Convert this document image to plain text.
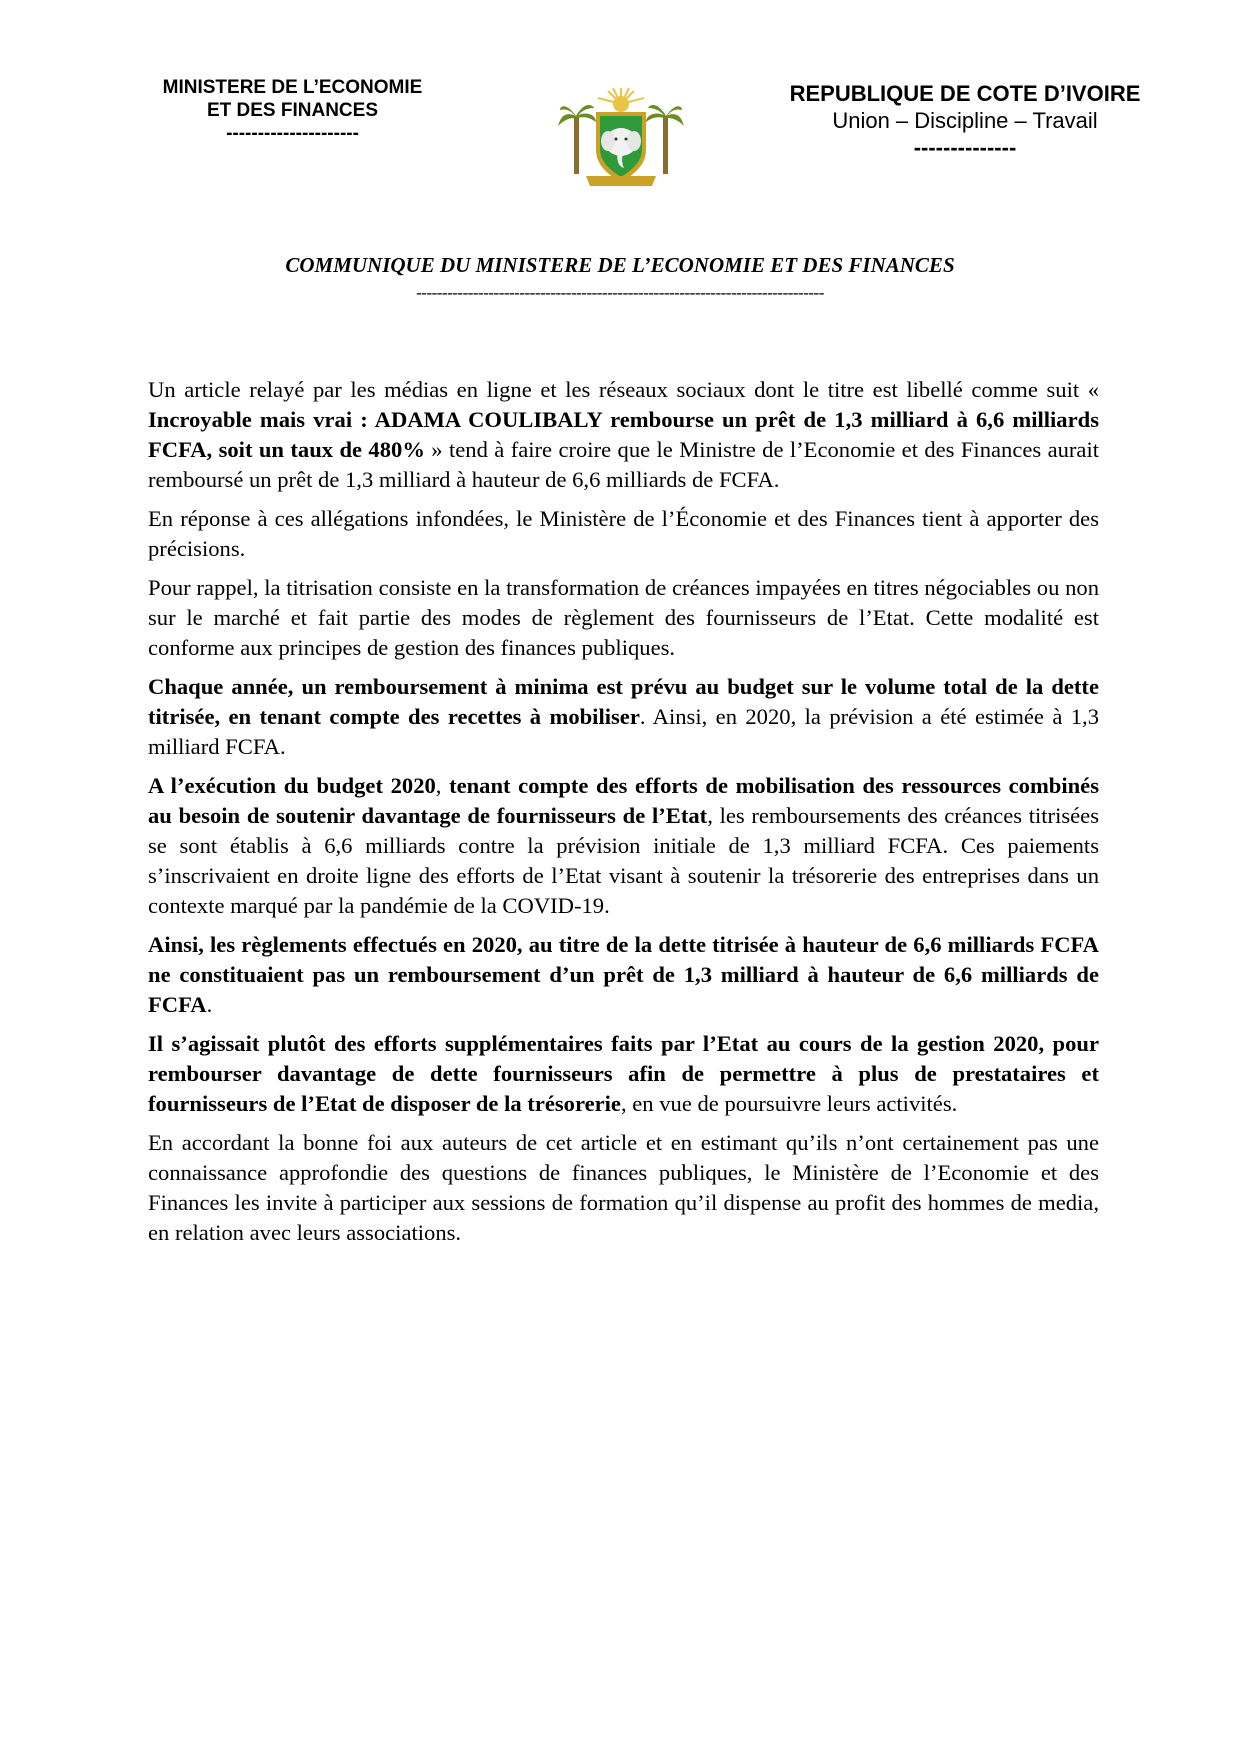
MINISTERE DE L’ECONOMIE
ET DES FINANCES
---------------------
REPUBLIQUE DE COTE D’IVOIRE
Union – Discipline – Travail
--------------
COMMUNIQUE DU MINISTERE DE L’ECONOMIE ET DES FINANCES
-------------------------------------------------------------------------------

Un article relayé par les médias en ligne et les réseaux sociaux dont le titre est libellé comme suit « Incroyable mais vrai : ADAMA COULIBALY rembourse un prêt de 1,3 milliard à 6,6 milliards FCFA, soit un taux de 480% » tend à faire croire que le Ministre de l’Economie et des Finances aurait remboursé un prêt de 1,3 milliard à hauteur de 6,6 milliards de FCFA.

En réponse à ces allégations infondées, le Ministère de l’Économie et des Finances tient à apporter des précisions.

Pour rappel, la titrisation consiste en la transformation de créances impayées en titres négociables ou non sur le marché et fait partie des modes de règlement des fournisseurs de l’Etat. Cette modalité est conforme aux principes de gestion des finances publiques.

Chaque année, un remboursement à minima est prévu au budget sur le volume total de la dette titrisée, en tenant compte des recettes à mobiliser. Ainsi, en 2020, la prévision a été estimée à 1,3 milliard FCFA.

A l’exécution du budget 2020, tenant compte des efforts de mobilisation des ressources combinés au besoin de soutenir davantage de fournisseurs de l’Etat, les remboursements des créances titrisées se sont établis à 6,6 milliards contre la prévision initiale de 1,3 milliard FCFA. Ces paiements s’inscrivaient en droite ligne des efforts de l’Etat visant à soutenir la trésorerie des entreprises dans un contexte marqué par la pandémie de la COVID-19.

Ainsi, les règlements effectués en 2020, au titre de la dette titrisée à hauteur de 6,6 milliards FCFA ne constituaient pas un remboursement d’un prêt de 1,3 milliard à hauteur de 6,6 milliards de FCFA.

Il s’agissait plutôt des efforts supplémentaires faits par l’Etat au cours de la gestion 2020, pour rembourser davantage de dette fournisseurs afin de permettre à plus de prestataires et fournisseurs de l’Etat de disposer de la trésorerie, en vue de poursuivre leurs activités.

En accordant la bonne foi aux auteurs de cet article et en estimant qu’ils n’ont certainement pas une connaissance approfondie des questions de finances publiques, le Ministère de l’Economie et des Finances les invite à participer aux sessions de formation qu’il dispense au profit des hommes de media, en relation avec leurs associations.
